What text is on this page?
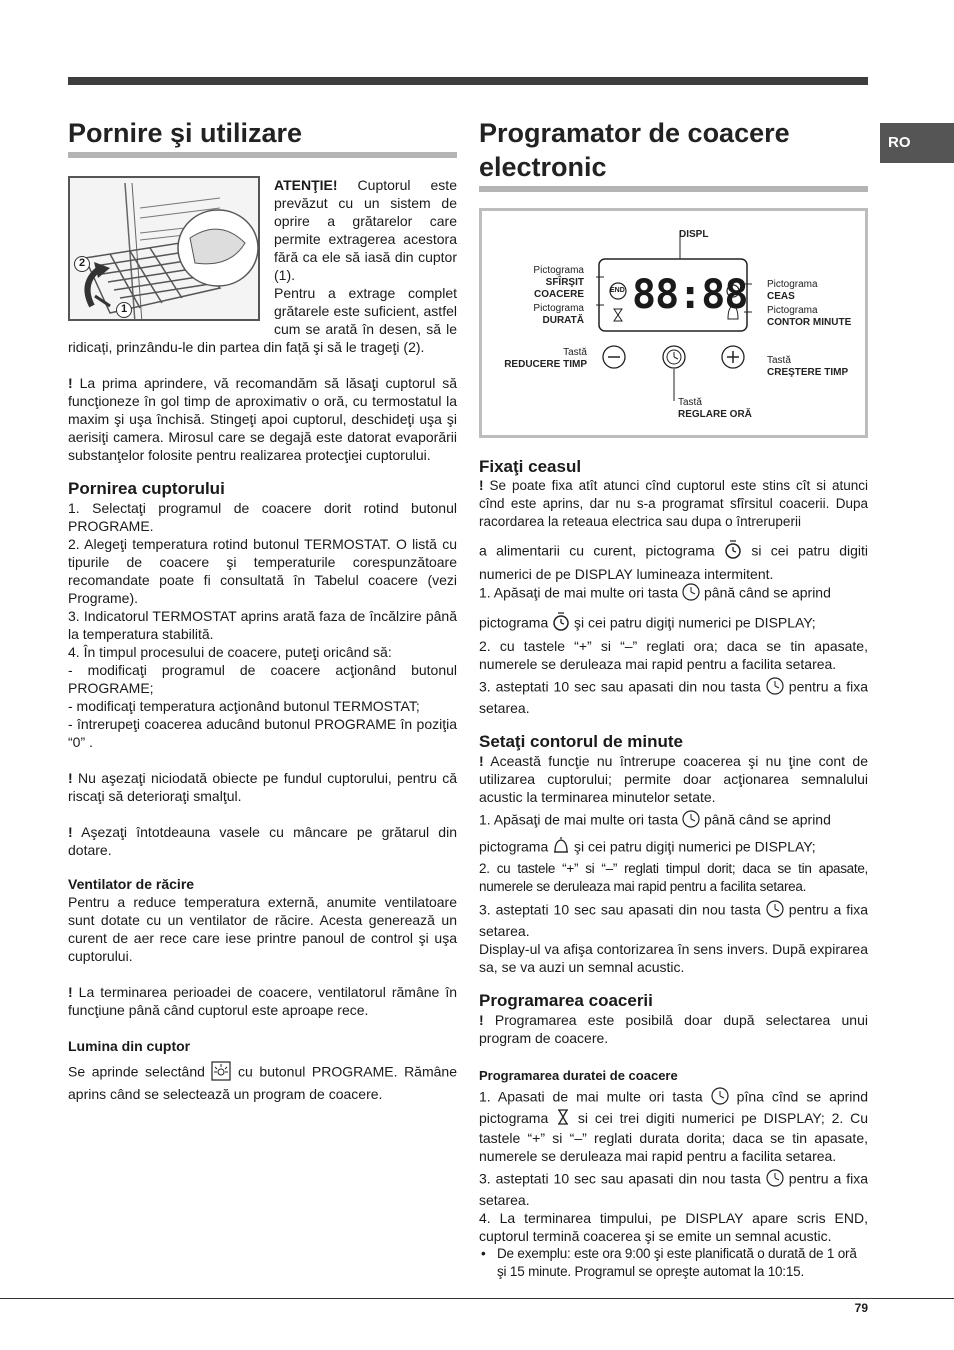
RO
Pornire şi utilizare
2
1

ATENŢIE! Cuptorul este prevăzut cu un sistem de oprire a grătarelor care permite extragerea acestora fără ca ele să iasă din cuptor (1).

Pentru a extrage complet grătarele este suficient, astfel cum se arată în desen, să le ridicați, prinzându-le din partea din față şi să le trageţi (2).

! La prima aprindere, vă recomandăm să lăsaţi cuptorul să funcţioneze în gol timp de aproximativ o oră, cu termostatul la maxim şi uşa închisă. Stingeţi apoi cuptorul, deschideţi uşa şi aerisiţi camera. Mirosul care se degajă este datorat evaporării substanţelor folosite pentru realizarea protecţiei cuptorului.

Pornirea cuptorului

1. Selectaţi programul de coacere dorit rotind butonul PROGRAME.

2. Alegeţi temperatura rotind butonul TERMOSTAT. O listă cu tipurile de coacere şi temperaturile corespunzătoare recomandate poate fi consultată în Tabelul coacere (vezi Programe).

3. Indicatorul TERMOSTAT aprins arată faza de încălzire până la temperatura stabilită.

4. În timpul procesului de coacere, puteţi oricând să:

- modificaţi programul de coacere acţionând butonul PROGRAME;

- modificaţi temperatura acţionând butonul TERMOSTAT;

- întrerupeţi coacerea aducând butonul PROGRAME în poziţia “0” .

! Nu aşezaţi niciodată obiecte pe fundul cuptorului, pentru că riscaţi să deterioraţi smalţul.

! Aşezaţi întotdeauna vasele cu mâncare pe grătarul din dotare.

Ventilator de răcire

Pentru a reduce temperatura externă, anumite ventilatoare sunt dotate cu un ventilator de răcire. Acesta generează un curent de aer rece care iese printre panoul de control şi uşa cuptorului.

! La terminarea perioadei de coacere, ventilatorul rămâne în funcţiune până când cuptorul este aproape rece.

Lumina din cuptor

Se aprinde selectând  cu butonul PROGRAME. Rămâne aprins când se selectează un program de coacere.

Programator de coacere electronic
END 88:88
DISPL
Pictograma
SFÎRŞIT
COACERE
Pictograma
DURATĂ
Pictograma
CEAS
Pictograma
CONTOR MINUTE
Tastă
REDUCERE TIMP	Tastă
CREŞTERE TIMP
Tastă
REGLARE ORĂ
Fixaţi ceasul

! Se poate fixa atît atunci cînd cuptorul este stins cît si atunci cînd este aprins, dar nu s-a programat sfîrsitul coacerii. Dupa racordarea la reteaua electrica sau dupa o întreruperii

a alimentarii cu curent, pictograma  si cei patru digiti numerici de pe DISPLAY lumineaza intermitent.

1. Apăsaţi de mai multe ori tasta  până când se aprind

pictograma  şi cei patru digiţi numerici pe DISPLAY;

2. cu tastele “+” si “–” reglati ora; daca se tin apasate, numerele se deruleaza mai rapid pentru a facilita setarea.

3. asteptati 10 sec sau apasati din nou tasta  pentru a fixa setarea.

Setaţi contorul de minute

! Această funcţie nu întrerupe coacerea şi nu ţine cont de utilizarea cuptorului; permite doar acţionarea semnalului acustic la terminarea minutelor setate.

1. Apăsaţi de mai multe ori tasta  până când se aprind

pictograma  şi cei patru digiţi numerici pe DISPLAY;

2. cu tastele “+” si “–” reglati timpul dorit; daca se tin apasate, numerele se deruleaza mai rapid pentru a facilita setarea.

3. asteptati 10 sec sau apasati din nou tasta  pentru a fixa setarea.

Display-ul va afişa contorizarea în sens invers. După expirarea sa, se va auzi un semnal acustic.

Programarea coacerii

! Programarea este posibilă doar după selectarea unui program de coacere.

Programarea duratei de coacere

1. Apasati de mai multe ori tasta  pîna cînd se aprind pictograma  si cei trei digiti numerici pe DISPLAY; 2. Cu tastele “+” si “–” reglati durata dorita; daca se tin apasate, numerele se deruleaza mai rapid pentru a facilita setarea.

3. asteptati 10 sec sau apasati din nou tasta  pentru a fixa setarea.

4. La terminarea timpului, pe DISPLAY apare scris END, cuptorul termină coacerea şi se emite un semnal acustic.

• De exemplu: este ora 9:00 şi este planificată o durată de 1 oră şi 15 minute. Programul se opreşte automat la 10:15.

79
